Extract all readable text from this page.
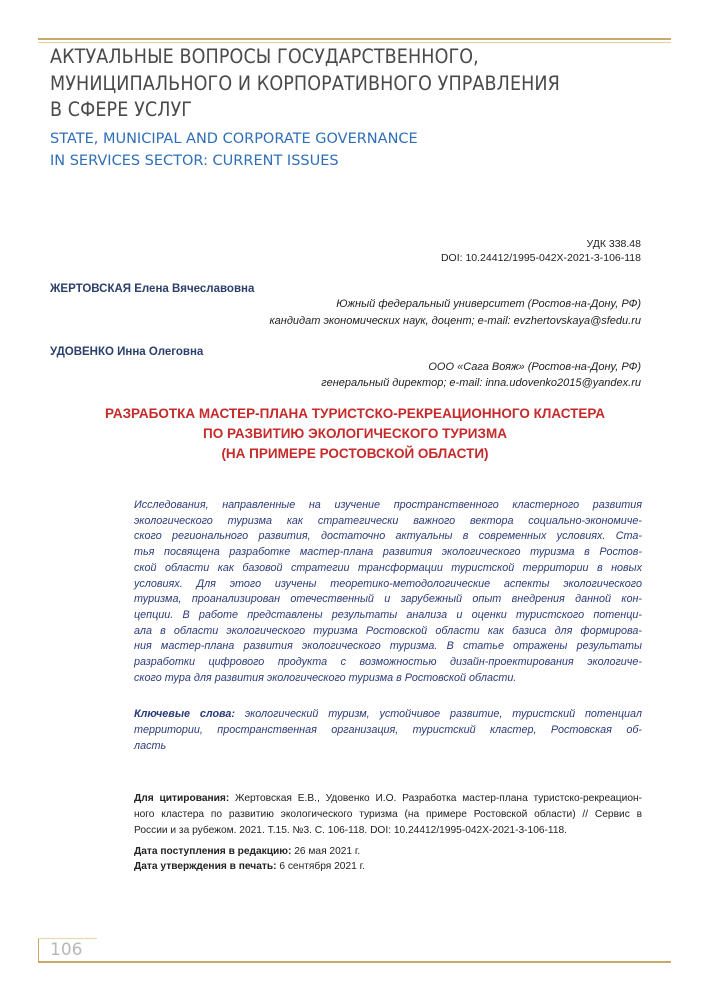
АКТУАЛЬНЫЕ ВОПРОСЫ ГОСУДАРСТВЕННОГО,
МУНИЦИПАЛЬНОГО И КОРПОРАТИВНОГО УПРАВЛЕНИЯ
В СФЕРЕ УСЛУГ
STATE, MUNICIPAL AND CORPORATE GOVERNANCE
IN SERVICES SECTOR: CURRENT ISSUES
УДК 338.48
DOI: 10.24412/1995-042X-2021-3-106-118
ЖЕРТОВСКАЯ Елена Вячеславовна
Южный федеральный университет (Ростов-на-Дону, РФ)
кандидат экономических наук, доцент; e-mail: evzhertovskaya@sfedu.ru
УДОВЕНКО Инна Олеговна
ООО «Сага Вояж» (Ростов-на-Дону, РФ)
генеральный директор; e-mail: inna.udovenko2015@yandex.ru
РАЗРАБОТКА МАСТЕР-ПЛАНА ТУРИСТСКО-РЕКРЕАЦИОННОГО КЛАСТЕРА
ПО РАЗВИТИЮ ЭКОЛОГИЧЕСКОГО ТУРИЗМА
(НА ПРИМЕРЕ РОСТОВСКОЙ ОБЛАСТИ)
Исследования, направленные на изучение пространственного кластерного развития
экологического туризма как стратегически важного вектора социально-экономиче-
ского регионального развития, достаточно актуальны в современных условиях. Ста-
тья посвящена разработке мастер-плана развития экологического туризма в Ростов-
ской области как базовой стратегии трансформации туристской территории в новых
условиях. Для этого изучены теоретико-методологические аспекты экологического
туризма, проанализирован отечественный и зарубежный опыт внедрения данной кон-
цепции. В работе представлены результаты анализа и оценки туристского потенци-
ала в области экологического туризма Ростовской области как базиса для формирова-
ния мастер-плана развития экологического туризма. В статье отражены результаты
разработки цифрового продукта с возможностью дизайн-проектирования экологиче-
ского тура для развития экологического туризма в Ростовской области.
Ключевые слова: экологический туризм, устойчивое развитие, туристский потенциал
территории, пространственная организация, туристский кластер, Ростовская об-
ласть
Для цитирования: Жертовская Е.В., Удовенко И.О. Разработка мастер-плана туристско-рекреацион-
ного кластера по развитию экологического туризма (на примере Ростовской области) // Сервис в
России и за рубежом. 2021. Т.15. №3. С. 106-118. DOI: 10.24412/1995-042X-2021-3-106-118.
Дата поступления в редакцию: 26 мая 2021 г.
Дата утверждения в печать: 6 сентября 2021 г.
106
